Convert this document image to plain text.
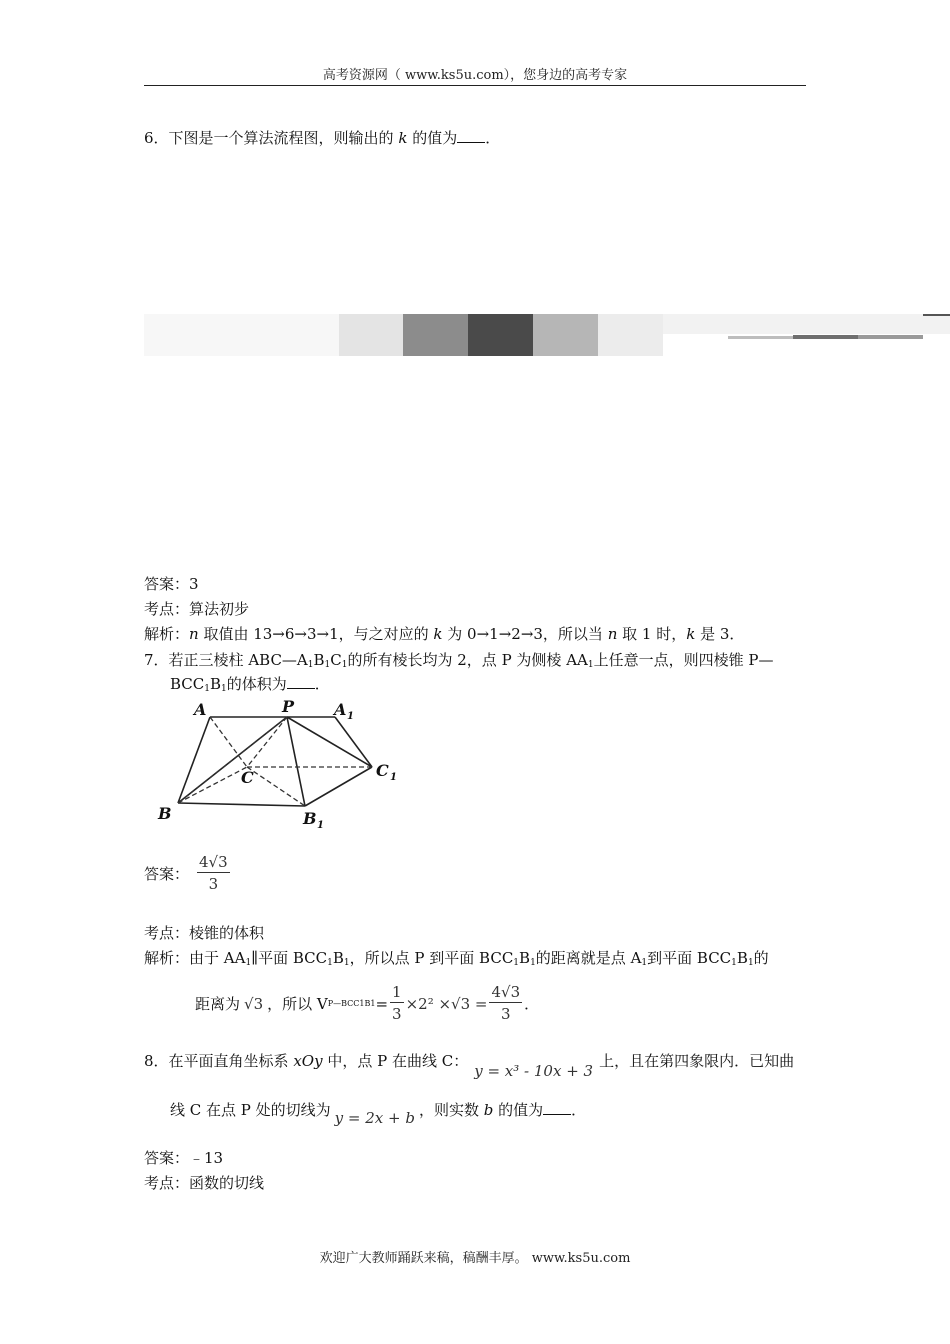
高考资源网（ www.ks5u.com），您身边的高考专家
6．下图是一个算法流程图，则输出的 k 的值为 ．
答案：3
考点：算法初步
解析：n 取值由 13→6→3→1，与之对应的 k 为 0→1→2→3，所以当 n 取 1 时，k 是 3．
7．若正三棱柱 $ABC—A_1B_1C_1$的所有棱长均为 2，点 P 为侧棱 $AA_1$上任意一点，则四棱锥 P—
$BCC_1B_1$的体积为 ．
A	P A 1
C	C 1
B	B 1
答案： $\frac{4√3}{3}$
考点：棱锥的体积
解析：由于 $AA_1\parallel$平面 $BCC_1B_1$，所以点 P 到平面 $BCC_1B_1$的距离就是点 $A_1$到平面 $BCC_1B_1$的
距离为 √3 ，所以 V P—BCC1B1 = $\frac{1}{3} \times 2^2 \times√3 = \frac{4√3}{3}$ ．
8．在平面直角坐标系 xOy 中，点 P 在曲线 C：y = x³ - 10x + 3上，且在第四象限内．已知曲
线 C 在点 P 处的切线为 y = 2x + b ，则实数 b 的值为 ．
答案：﹣13
考点：函数的切线
欢迎广大教师踊跃来稿，稿酬丰厚。 www.ks5u.com
